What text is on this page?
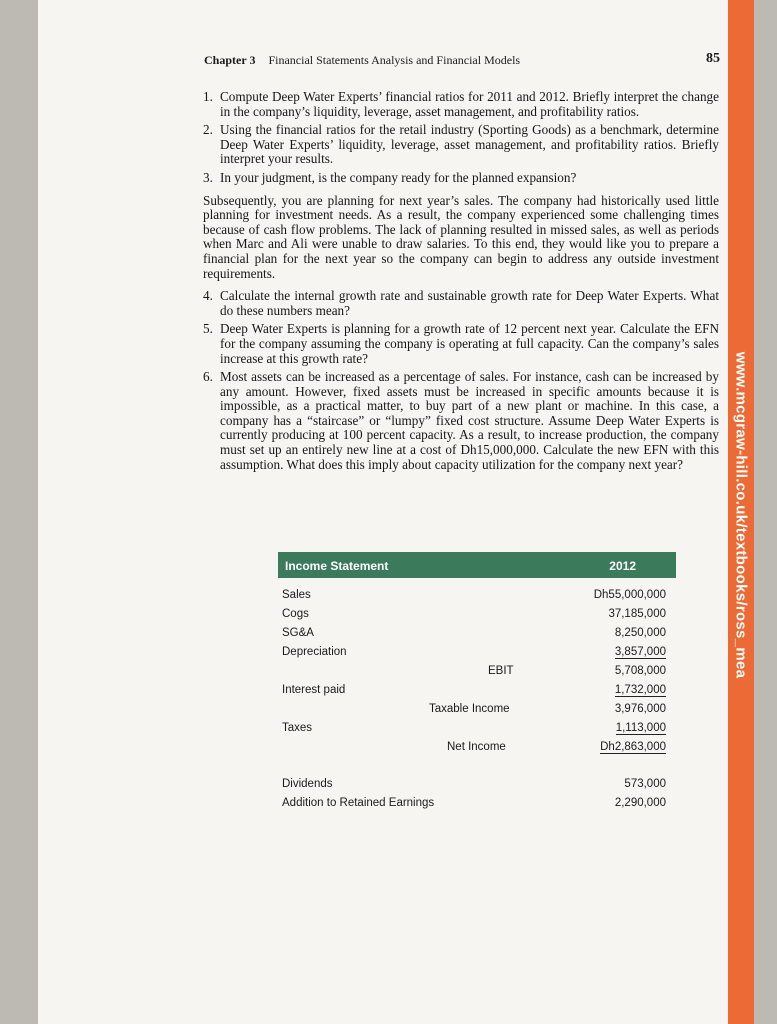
www.mcgraw-hill.co.uk/textbooks/ross_mea
Chapter 3 Financial Statements Analysis and Financial Models	85
1. Compute Deep Water Experts’ financial ratios for 2011 and 2012. Briefly interpret the change in the company’s liquidity, leverage, asset management, and profitability ratios.
2. Using the financial ratios for the retail industry (Sporting Goods) as a benchmark, determine Deep Water Experts’ liquidity, leverage, asset management, and profitability ratios. Briefly interpret your results.
3. In your judgment, is the company ready for the planned expansion?
Subsequently, you are planning for next year’s sales. The company had historically used little planning for investment needs. As a result, the company experienced some challenging times because of cash flow problems. The lack of planning resulted in missed sales, as well as periods when Marc and Ali were unable to draw salaries. To this end, they would like you to prepare a financial plan for the next year so the company can begin to address any outside investment requirements.
4. Calculate the internal growth rate and sustainable growth rate for Deep Water Experts. What do these numbers mean?
5. Deep Water Experts is planning for a growth rate of 12 percent next year. Calculate the EFN for the company assuming the company is operating at full capacity. Can the company’s sales increase at this growth rate?
6. Most assets can be increased as a percentage of sales. For instance, cash can be increased by any amount. However, fixed assets must be increased in specific amounts because it is impossible, as a practical matter, to buy part of a new plant or machine. In this case, a company has a “staircase” or “lumpy” fixed cost structure. Assume Deep Water Experts is currently producing at 100 percent capacity. As a result, to increase production, the company must set up an entirely new line at a cost of Dh15,000,000. Calculate the new EFN with this assumption. What does this imply about capacity utilization for the company next year?
Income Statement	2012
Sales	Dh55,000,000
Cogs	37,185,000
SG&A	8,250,000
Depreciation	3,857,000
EBIT	5,708,000
Interest paid	1,732,000
Taxable Income	3,976,000
Taxes	1,113,000
Net Income	Dh2,863,000
Dividends	573,000
Addition to Retained Earnings	2,290,000
